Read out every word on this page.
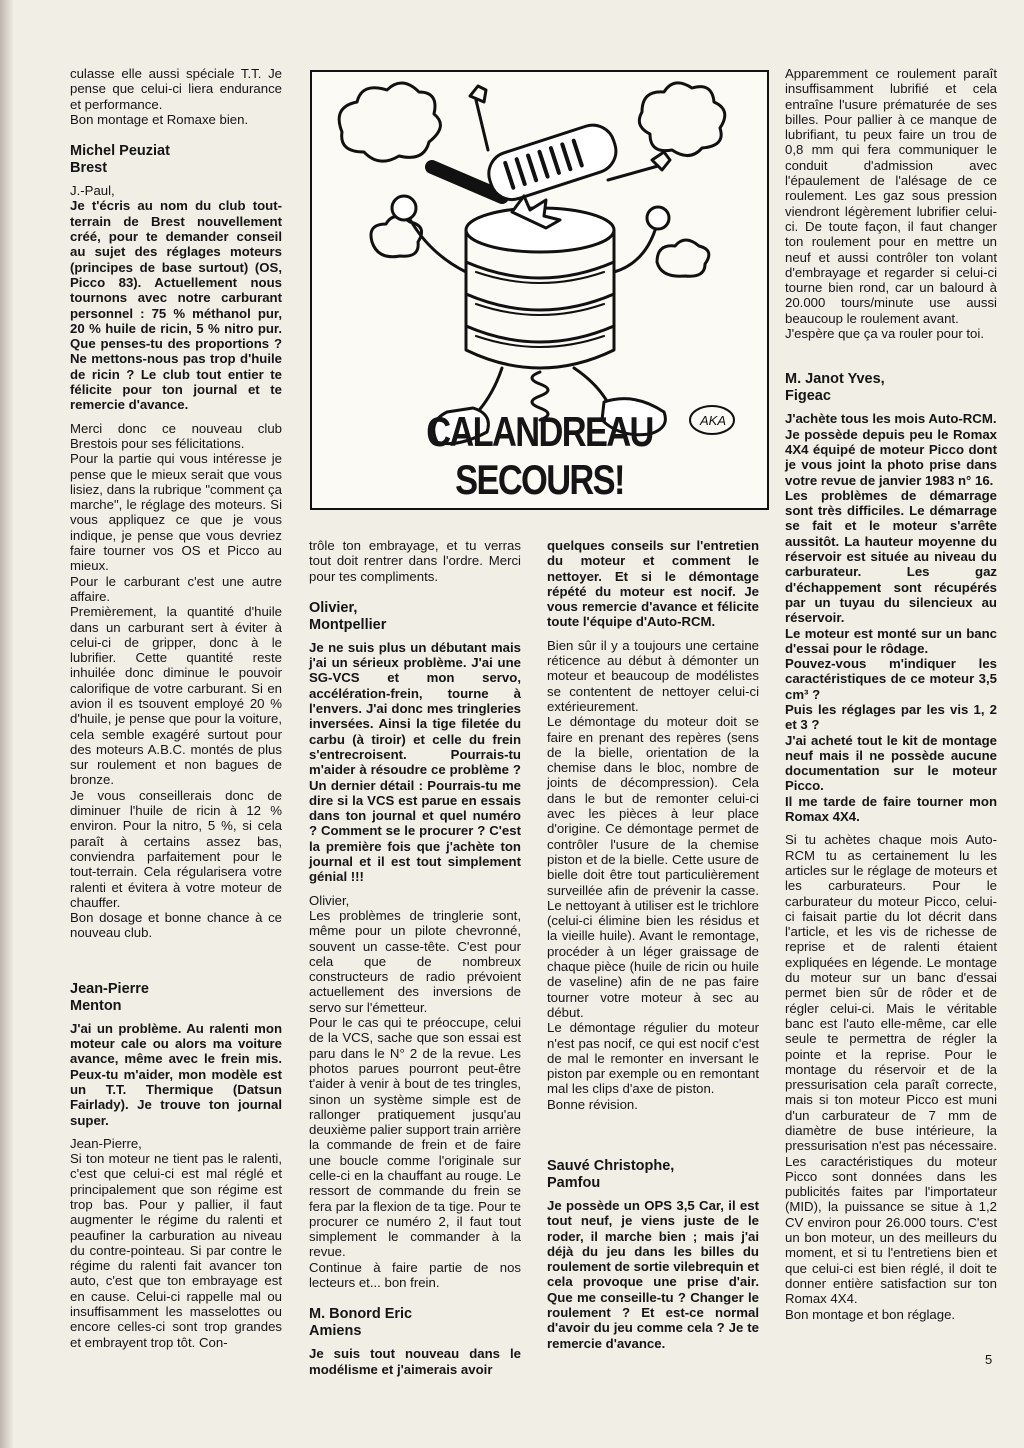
culasse elle aussi spéciale T.T. Je pense que celui-ci liera endurance et performance.

Bon montage et Romaxe bien.

Michel Peuziat
Brest

J.-Paul,

Je t'écris au nom du club tout-terrain de Brest nouvellement créé, pour te demander conseil au sujet des réglages moteurs (principes de base surtout) (OS, Picco 83). Actuellement nous tournons avec notre carburant personnel : 75 % méthanol pur, 20 % huile de ricin, 5 % nitro pur. Que penses-tu des proportions ? Ne mettons-nous pas trop d'huile de ricin ? Le club tout entier te félicite pour ton journal et te remercie d'avance.

Merci donc ce nouveau club Brestois pour ses félicitations.

Pour la partie qui vous intéresse je pense que le mieux serait que vous lisiez, dans la rubrique "comment ça marche", le réglage des moteurs. Si vous appliquez ce que je vous indique, je pense que vous devriez faire tourner vos OS et Picco au mieux.

Pour le carburant c'est une autre affaire.

Premièrement, la quantité d'huile dans un carburant sert à éviter à celui-ci de gripper, donc à le lubrifier. Cette quantité reste inhuilée donc diminue le pouvoir calorifique de votre carburant. Si en avion il es tsouvent employé 20 % d'huile, je pense que pour la voiture, cela semble exagéré surtout pour des moteurs A.B.C. montés de plus sur roulement et non bagues de bronze.

Je vous conseillerais donc de diminuer l'huile de ricin à 12 % environ. Pour la nitro, 5 %, si cela paraît à certains assez bas, conviendra parfaitement pour le tout-terrain. Cela régularisera votre ralenti et évitera à votre moteur de chauffer.

Bon dosage et bonne chance à ce nouveau club.

Jean-Pierre
Menton

J'ai un problème. Au ralenti mon moteur cale ou alors ma voiture avance, même avec le frein mis. Peux-tu m'aider, mon modèle est un T.T. Thermique (Datsun Fairlady). Je trouve ton journal super.

Jean-Pierre,

Si ton moteur ne tient pas le ralenti, c'est que celui-ci est mal réglé et principalement que son régime est trop bas. Pour y pallier, il faut augmenter le régime du ralenti et peaufiner la carburation au niveau du contre-pointeau. Si par contre le régime du ralenti fait avancer ton auto, c'est que ton embrayage est en cause. Celui-ci rappelle mal ou insuffisamment les masselottes ou encore celles-ci sont trop grandes et embrayent trop tôt. Con-

AKA
CALANDREAU SECOURS!

trôle ton embrayage, et tu verras tout doit rentrer dans l'ordre. Merci pour tes compliments.

Olivier,
Montpellier

Je ne suis plus un débutant mais j'ai un sérieux problème. J'ai une SG-VCS et mon servo, accélération-frein, tourne à l'envers. J'ai donc mes tringleries inversées. Ainsi la tige filetée du carbu (à tiroir) et celle du frein s'entrecroisent. Pourrais-tu m'aider à résoudre ce problème ? Un dernier détail : Pourrais-tu me dire si la VCS est parue en essais dans ton journal et quel numéro ? Comment se le procurer ? C'est la première fois que j'achète ton journal et il est tout simplement génial !!!

Olivier,

Les problèmes de tringlerie sont, même pour un pilote chevronné, souvent un casse-tête. C'est pour cela que de nombreux constructeurs de radio prévoient actuellement des inversions de servo sur l'émetteur.

Pour le cas qui te préoccupe, celui de la VCS, sache que son essai est paru dans le N° 2 de la revue. Les photos parues pourront peut-être t'aider à venir à bout de tes tringles, sinon un système simple est de rallonger pratiquement jusqu'au deuxième palier support train arrière la commande de frein et de faire une boucle comme l'originale sur celle-ci en la chauffant au rouge. Le ressort de commande du frein se fera par la flexion de ta tige. Pour te procurer ce numéro 2, il faut tout simplement le commander à la revue.

Continue à faire partie de nos lecteurs et... bon frein.

M. Bonord Eric
Amiens

Je suis tout nouveau dans le modélisme et j'aimerais avoir

quelques conseils sur l'entretien du moteur et comment le nettoyer. Et si le démontage répété du moteur est nocif. Je vous remercie d'avance et félicite toute l'équipe d'Auto-RCM.

Bien sûr il y a toujours une certaine réticence au début à démonter un moteur et beaucoup de modélistes se contentent de nettoyer celui-ci extérieurement.

Le démontage du moteur doit se faire en prenant des repères (sens de la bielle, orientation de la chemise dans le bloc, nombre de joints de décompression). Cela dans le but de remonter celui-ci avec les pièces à leur place d'origine. Ce démontage permet de contrôler l'usure de la chemise piston et de la bielle. Cette usure de bielle doit être tout particulièrement surveillée afin de prévenir la casse. Le nettoyant à utiliser est le trichlore (celui-ci élimine bien les résidus et la vieille huile). Avant le remontage, procéder à un léger graissage de chaque pièce (huile de ricin ou huile de vaseline) afin de ne pas faire tourner votre moteur à sec au début.

Le démontage régulier du moteur n'est pas nocif, ce qui est nocif c'est de mal le remonter en inversant le piston par exemple ou en remontant mal les clips d'axe de piston.

Bonne révision.

Sauvé Christophe,
Pamfou

Je possède un OPS 3,5 Car, il est tout neuf, je viens juste de le roder, il marche bien ; mais j'ai déjà du jeu dans les billes du roulement de sortie vilebrequin et cela provoque une prise d'air. Que me conseille-tu ? Changer le roulement ? Et est-ce normal d'avoir du jeu comme cela ? Je te remercie d'avance.

Apparemment ce roulement paraît insuffisamment lubrifié et cela entraîne l'usure prématurée de ses billes. Pour pallier à ce manque de lubrifiant, tu peux faire un trou de 0,8 mm qui fera communiquer le conduit d'admission avec l'épaulement de l'alésage de ce roulement. Les gaz sous pression viendront légèrement lubrifier celui-ci. De toute façon, il faut changer ton roulement pour en mettre un neuf et aussi contrôler ton volant d'embrayage et regarder si celui-ci tourne bien rond, car un balourd à 20.000 tours/minute use aussi beaucoup le roulement avant.

J'espère que ça va rouler pour toi.

M. Janot Yves,
Figeac

J'achète tous les mois Auto-RCM.

Je possède depuis peu le Romax 4X4 équipé de moteur Picco dont je vous joint la photo prise dans votre revue de janvier 1983 n° 16.

Les problèmes de démarrage sont très difficiles. Le démarrage se fait et le moteur s'arrête aussitôt. La hauteur moyenne du réservoir est située au niveau du carburateur. Les gaz d'échappement sont récupérés par un tuyau du silencieux au réservoir.

Le moteur est monté sur un banc d'essai pour le rôdage.

Pouvez-vous m'indiquer les caractéristiques de ce moteur 3,5 cm³ ?

Puis les réglages par les vis 1, 2 et 3 ?

J'ai acheté tout le kit de montage neuf mais il ne possède aucune documentation sur le moteur Picco.

Il me tarde de faire tourner mon Romax 4X4.

Si tu achètes chaque mois Auto-RCM tu as certainement lu les articles sur le réglage de moteurs et les carburateurs. Pour le carburateur du moteur Picco, celui-ci faisait partie du lot décrit dans l'article, et les vis de richesse de reprise et de ralenti étaient expliquées en légende. Le montage du moteur sur un banc d'essai permet bien sûr de rôder et de régler celui-ci. Mais le véritable banc est l'auto elle-même, car elle seule te permettra de régler la pointe et la reprise. Pour le montage du réservoir et de la pressurisation cela paraît correcte, mais si ton moteur Picco est muni d'un carburateur de 7 mm de diamètre de buse intérieure, la pressurisation n'est pas nécessaire. Les caractéristiques du moteur Picco sont données dans les publicités faites par l'importateur (MID), la puissance se situe à 1,2 CV environ pour 26.000 tours. C'est un bon moteur, un des meilleurs du moment, et si tu l'entretiens bien et que celui-ci est bien réglé, il doit te donner entière satisfaction sur ton Romax 4X4.

Bon montage et bon réglage.

5
